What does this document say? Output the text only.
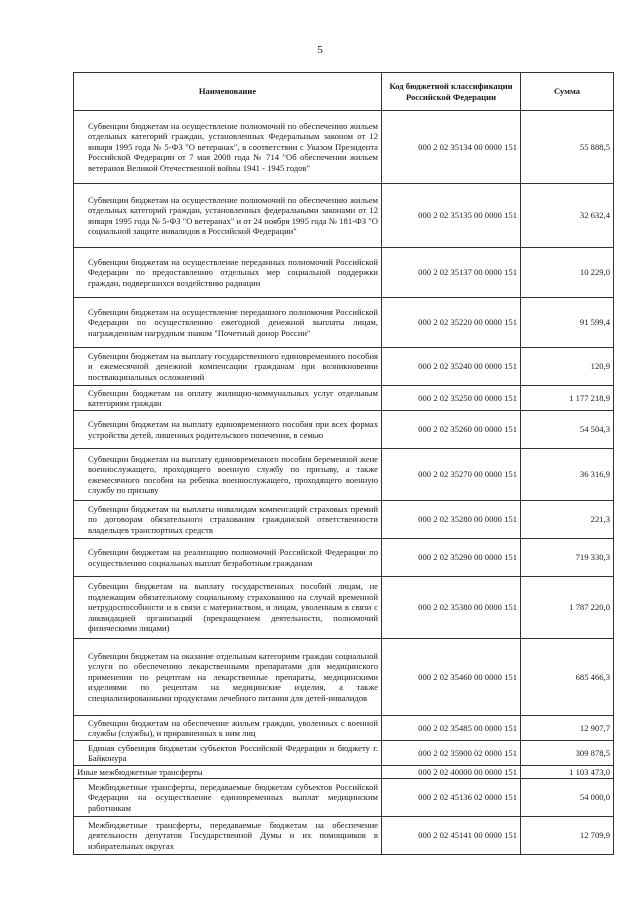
5
Наименование	Код бюджетной классификации Российской Федерации	Сумма
Субвенции бюджетам на осуществление полномочий по обеспечению жильем отдельных категорий граждан, установленных Федеральным законом от 12 января 1995 года № 5-ФЗ "О ветеранах", в соответствии с Указом Президента Российской Федерации от 7 мая 2008 года № 714 "Об обеспечении жильем ветеранов Великой Отечественной войны 1941 - 1945 годов"	000 2 02 35134 00 0000 151	55 888,5
Субвенции бюджетам на осуществление полномочий по обеспечению жильем отдельных категорий граждан, установленных федеральными законами от 12 января 1995 года № 5-ФЗ "О ветеранах" и от 24 ноября 1995 года № 181-ФЗ "О социальной защите инвалидов в Российской Федерации"	000 2 02 35135 00 0000 151	32 632,4
Субвенции бюджетам на осуществление переданных полномочий Российской Федерации по предоставлению отдельных мер социальной поддержки граждан, подвергшихся воздействию радиации	000 2 02 35137 00 0000 151	10 229,0
Субвенции бюджетам на осуществление переданного полномочия Российской Федерации по осуществлению ежегодной денежной выплаты лицам, награжденным нагрудным знаком "Почетный донор России"	000 2 02 35220 00 0000 151	91 599,4
Субвенции бюджетам на выплату государственного единовременного пособия и ежемесячной денежной компенсации гражданам при возникновении поствакцинальных осложнений	000 2 02 35240 00 0000 151	120,9
Субвенции бюджетам на оплату жилищно-коммунальных услуг отдельным категориям граждан	000 2 02 35250 00 0000 151	1 177 218,9
Субвенции бюджетам на выплату единовременного пособия при всех формах устройства детей, лишенных родительского попечения, в семью	000 2 02 35260 00 0000 151	54 504,3
Субвенции бюджетам на выплату единовременного пособия беременной жене военнослужащего, проходящего военную службу по призыву, а также ежемесячного пособия на ребенка военнослужащего, проходящего военную службу по призыву	000 2 02 35270 00 0000 151	36 316,9
Субвенции бюджетам на выплаты инвалидам компенсаций страховых премий по договорам обязательного страхования гражданской ответственности владельцев транспортных средств	000 2 02 35280 00 0000 151	221,3
Субвенции бюджетам на реализацию полномочий Российской Федерации по осуществлению социальных выплат безработным гражданам	000 2 02 35290 00 0000 151	719 330,3
Субвенции бюджетам на выплату государственных пособий лицам, не подлежащим обязательному социальному страхованию на случай временной нетрудоспособности и в связи с материнством, и лицам, уволенным в связи с ликвидацией организаций (прекращением деятельности, полномочий физическими лицами)	000 2 02 35380 00 0000 151	1 787 220,0
Субвенции бюджетам на оказание отдельным категориям граждан социальной услуги по обеспечению лекарственными препаратами для медицинского применения по рецептам на лекарственные препараты, медицинскими изделиями по рецептам на медицинские изделия, а также специализированными продуктами лечебного питания для детей-инвалидов	000 2 02 35460 00 0000 151	685 466,3
Субвенции бюджетам на обеспечение жильем граждан, уволенных с военной службы (службы), и приравненных к ним лиц	000 2 02 35485 00 0000 151	12 907,7
Единая субвенция бюджетам субъектов Российской Федерации и бюджету г. Байконура	000 2 02 35900 02 0000 151	309 878,5
Иные межбюджетные трансферты	000 2 02 40000 00 0000 151	1 103 473,0
Межбюджетные трансферты, передаваемые бюджетам субъектов Российской Федерации на осуществление единовременных выплат медицинским работникам	000 2 02 45136 02 0000 151	54 000,0
Межбюджетные трансферты, передаваемые бюджетам на обеспечение деятельности депутатов Государственной Думы и их помощников в избирательных округах	000 2 02 45141 00 0000 151	12 709,9
